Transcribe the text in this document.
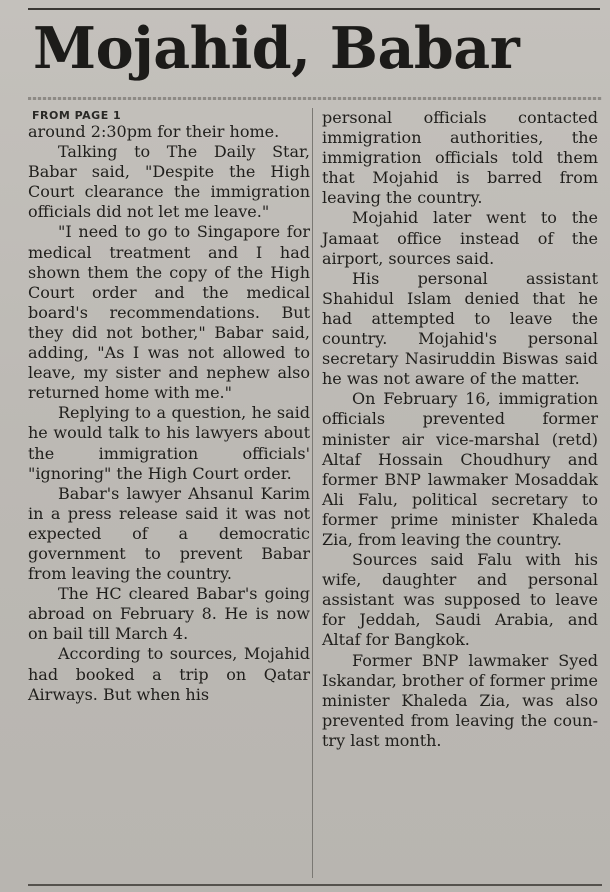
Mojahid, Babar
FROM PAGE 1

around 2:30pm for their home.

Talking to The Daily Star, Babar said, "Despite the High Court clearance the immigration officials did not let me leave."

"I need to go to Singapore for medical treatment and I had shown them the copy of the High Court order and the medical board's recommendations. But they did not bother," Babar said, adding, "As I was not allowed to leave, my sister and nephew also returned home with me."

Replying to a question, he said he would talk to his lawyers about the immigration officials' "ignoring" the High Court order.

Babar's lawyer Ahsanul Karim in a press release said it was not expected of a democratic government to prevent Babar from leaving the country.

The HC cleared Babar's going abroad on February 8. He is now on bail till March 4.

According to sources, Mojahid had booked a trip on Qatar Airways. But when his

personal officials contacted immigration authorities, the immigration officials told them that Mojahid is barred from leaving the country.

Mojahid later went to the Jamaat office instead of the airport, sources said.

His personal assistant Shahidul Islam denied that he had attempted to leave the country. Mojahid's personal secretary Nasiruddin Biswas said he was not aware of the matter.

On February 16, immigration officials prevented former minister air vice-marshal (retd) Altaf Hossain Choudhury and former BNP lawmaker Mosaddak Ali Falu, political secretary to former prime minister Khaleda Zia, from leaving the country.

Sources said Falu with his wife, daughter and personal assistant was supposed to leave for Jeddah, Saudi Arabia, and Altaf for Bangkok.

Former BNP lawmaker Syed Iskandar, brother of former prime minister Khaleda Zia, was also prevented from leaving the country last month.
